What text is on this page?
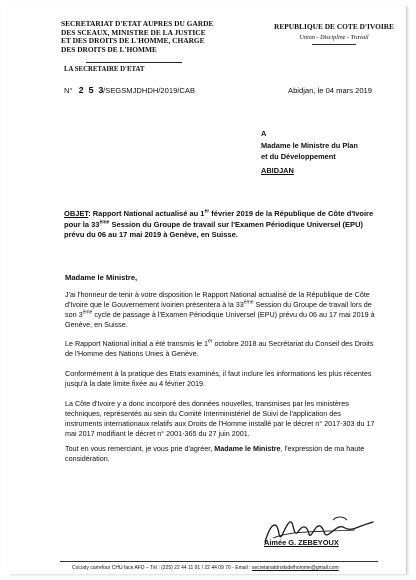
SECRETARIAT D'ETAT AUPRES DU GARDE
DES SCEAUX, MINISTRE DE LA JUSTICE
ET DES DROITS DE L'HOMME, CHARGE
DES DROITS DE L'HOMME
LA SECRETAIRE D'ETAT
REPUBLIQUE DE COTE D'IVOIRE
Union - Discipline - Travail
N° 2 5 3 /SEGSMJDHDH/2019/CAB	Abidjan, le 04 mars 2019
A
Madame le Ministre du Plan
et du Développement
ABIDJAN
OBJET: Rapport National actualisé au 1er février 2019 de la République de Côte d'Ivoire pour la 33ème Session du Groupe de travail sur l'Examen Périodique Universel (EPU) prévu du 06 au 17 mai 2019 à Genève, en Suisse.
Madame le Ministre,
J'ai l'honneur de tenir à votre disposition le Rapport National actualisé de la République de Côte d'Ivoire que le Gouvernement ivoirien présentera à la 33ème Session du Groupe de travail lors de son 3ème cycle de passage à l'Examen Périodique Universel (EPU) prévu du 06 au 17 mai 2019 à Genève, en Suisse.
Le Rapport National initial a été transmis le 1er octobre 2018 au Secrétariat du Conseil des Droits de l'Homme des Nations Unies à Genève.
Conformément à la pratique des Etats examinés, il faut inclure les informations les plus récentes jusqu'à la date limite fixée au 4 février 2019.
La Côte d'Ivoire y a donc incorporé des données nouvelles, transmises par les ministères techniques, représentés au sein du Comité Interministériel de Suivi de l'application des instruments internationaux relatifs aux Droits de l'Homme installé par le décret n° 2017-303 du 17 mai 2017 modifiant le décret n° 2001-365 du 27 juin 2001.
Tout en vous remerciant, je vous prie d'agréer, Madame le Ministre, l'expression de ma haute considération.
Aimée G. ZEBEYOUX
Cocody carrefour CHU face AFD – Tél : (225) 22 44 11 91 / 22 44 09 70 - Email : secretariatdroitsdelhomme@gmail.com
